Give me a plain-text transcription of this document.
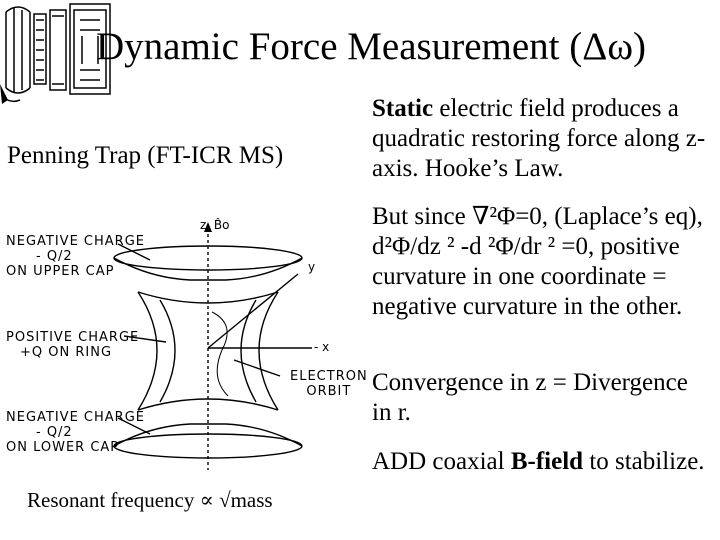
Dynamic Force Measurement (Δω)
Penning Trap (FT-ICR MS)
Static electric field produces a quadratic restoring force along z-axis. Hooke’s Law.
But since ∇²Φ=0, (Laplace’s eq), d²Φ/dz ² -d ²Φ/dr ² =0, positive curvature in one coordinate = negative curvature in the other.
Convergence in z = Divergence in r.
ADD coaxial B-field to stabilize.
z, B̂o
y
- x
NEGATIVE CHARGE
- Q/2
ON UPPER CAP
POSITIVE CHARGE
+Q ON RING
NEGATIVE CHARGE
- Q/2
ON LOWER CAP
ELECTRON
ORBIT
Resonant frequency ∝ √mass
